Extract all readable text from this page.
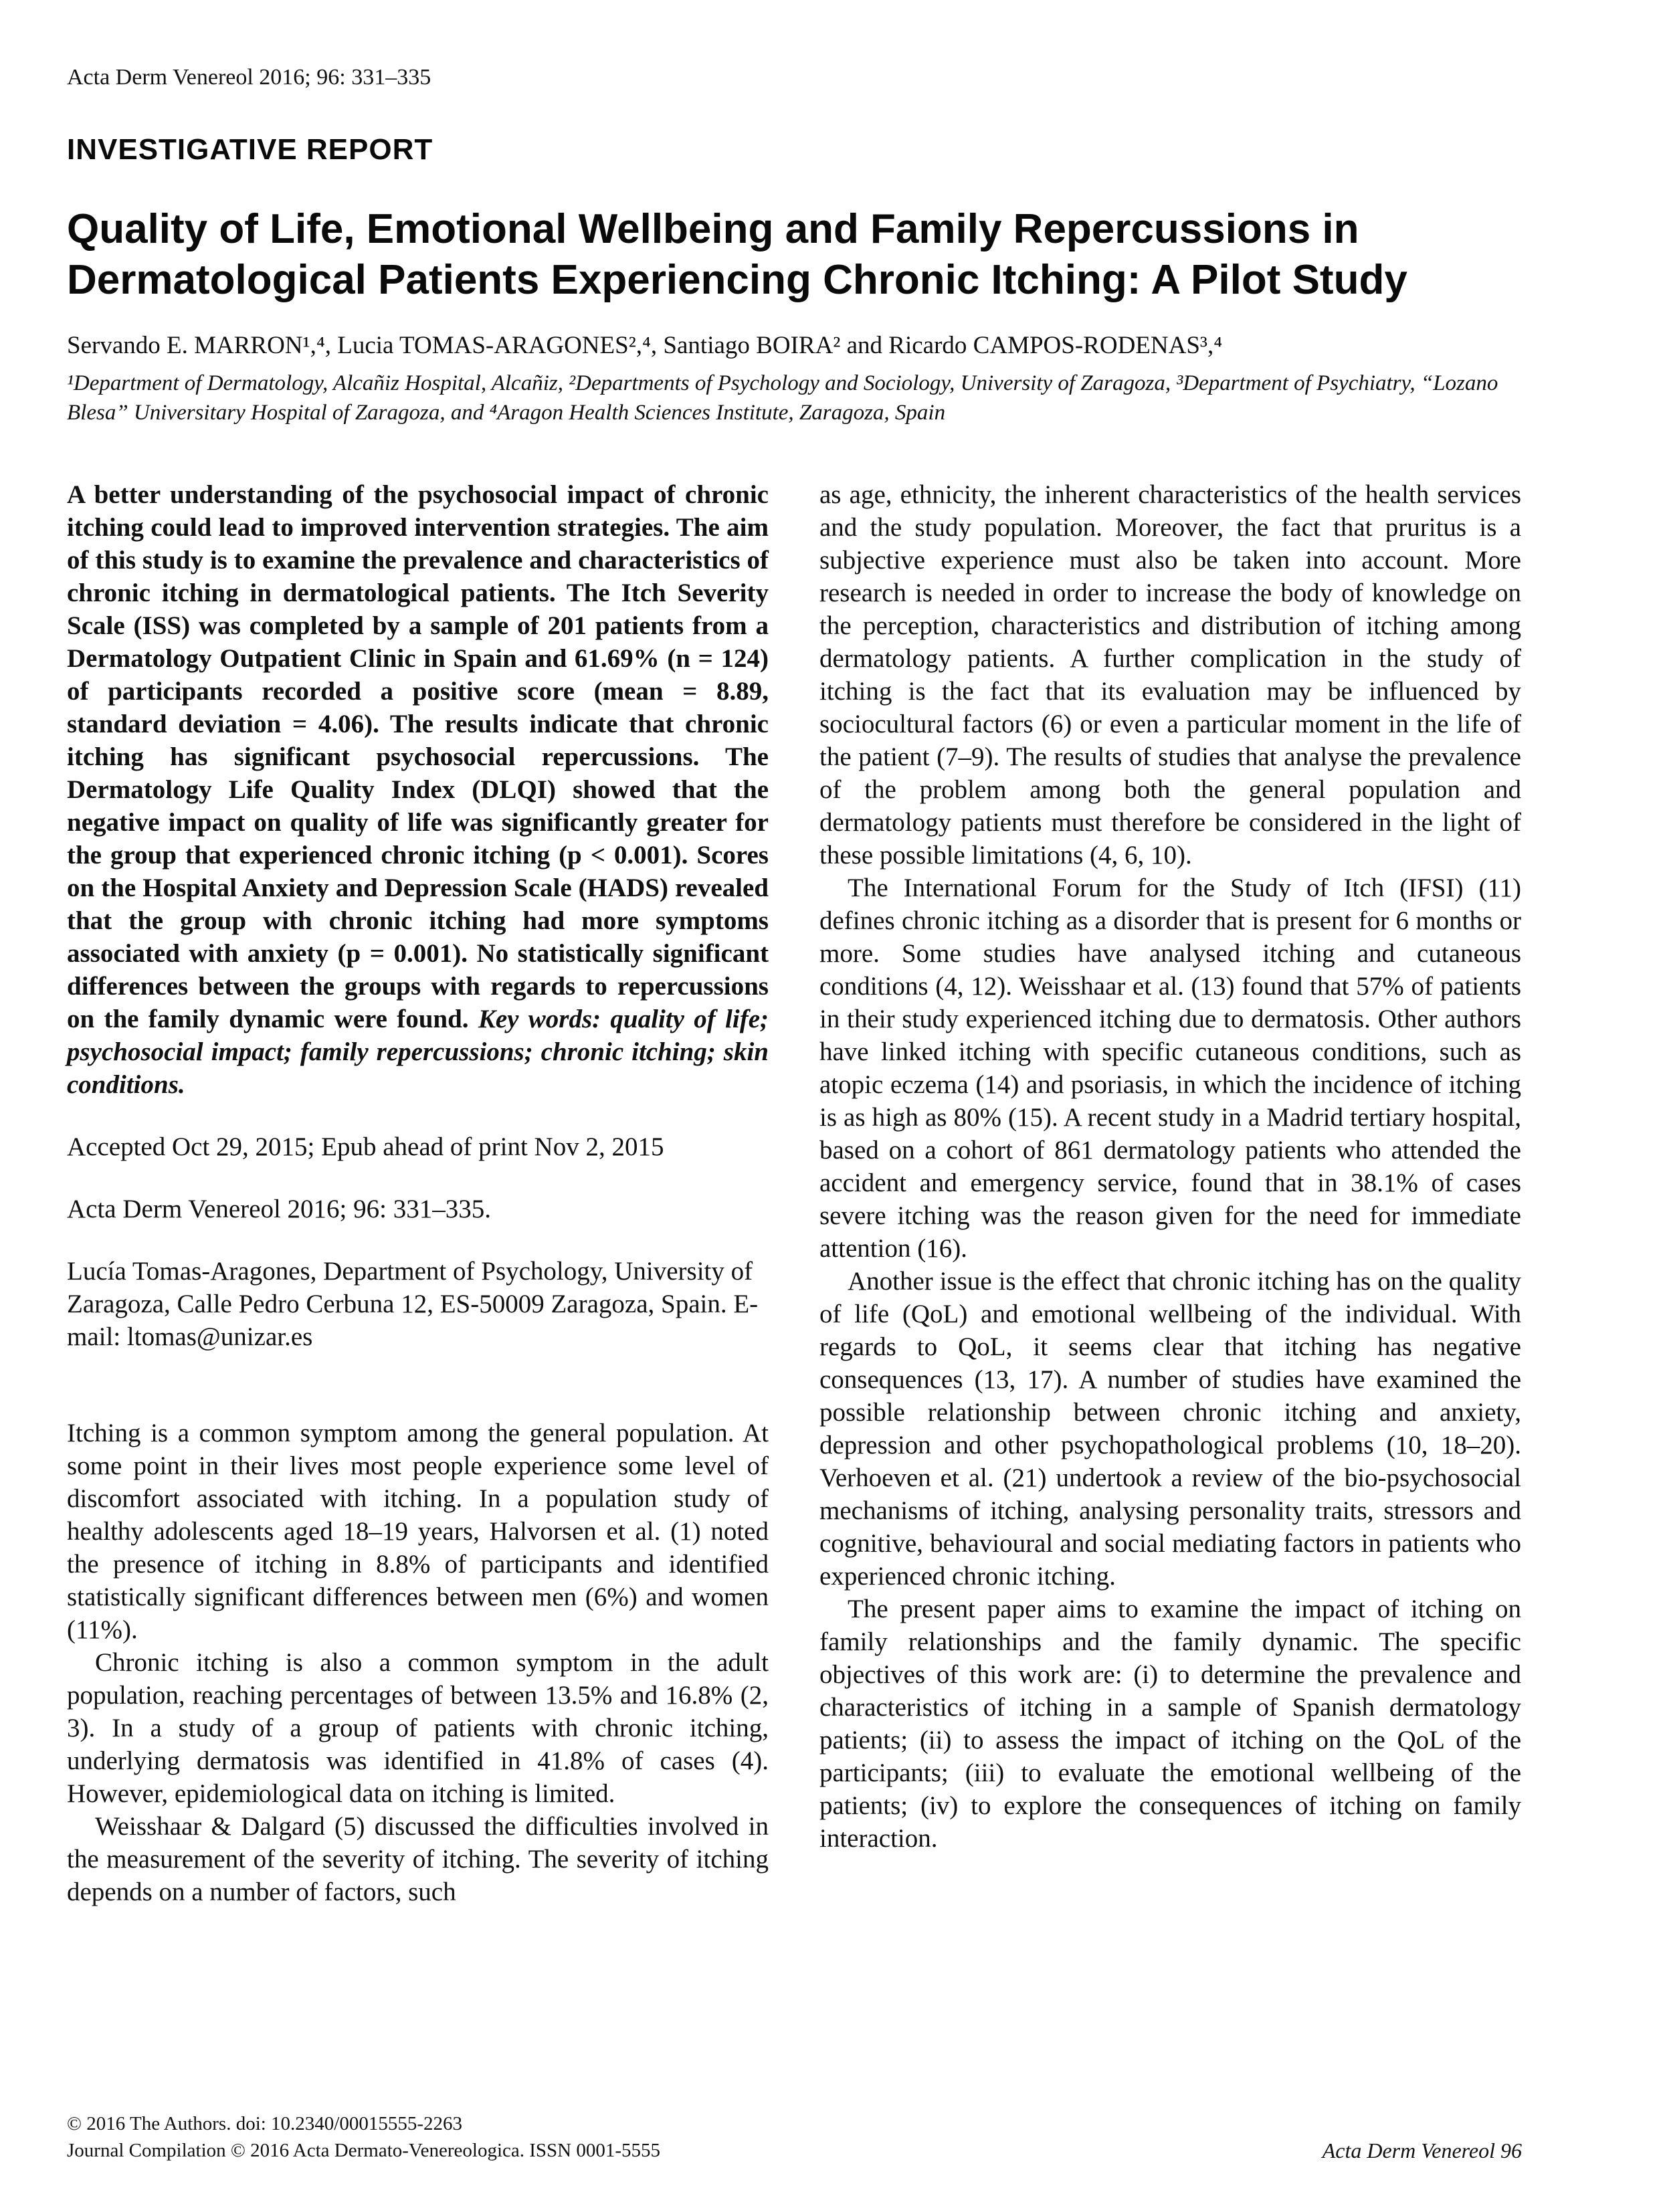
Acta Derm Venereol 2016; 96: 331–335
INVESTIGATIVE REPORT
Quality of Life, Emotional Wellbeing and Family Repercussions in Dermatological Patients Experiencing Chronic Itching: A Pilot Study
Servando E. MARRON¹,⁴, Lucia TOMAS-ARAGONES²,⁴, Santiago BOIRA² and Ricardo CAMPOS-RODENAS³,⁴
¹Department of Dermatology, Alcañiz Hospital, Alcañiz, ²Departments of Psychology and Sociology, University of Zaragoza, ³Department of Psychiatry, “Lozano Blesa” Universitary Hospital of Zaragoza, and ⁴Aragon Health Sciences Institute, Zaragoza, Spain

A better understanding of the psychosocial impact of chronic itching could lead to improved intervention strategies. The aim of this study is to examine the prevalence and characteristics of chronic itching in dermatological patients. The Itch Severity Scale (ISS) was completed by a sample of 201 patients from a Dermatology Outpatient Clinic in Spain and 61.69% (n = 124) of participants recorded a positive score (mean = 8.89, standard deviation = 4.06). The results indicate that chronic itching has significant psychosocial repercussions. The Dermatology Life Quality Index (DLQI) showed that the negative impact on quality of life was significantly greater for the group that experienced chronic itching (p < 0.001). Scores on the Hospital Anxiety and Depression Scale (HADS) revealed that the group with chronic itching had more symptoms associated with anxiety (p = 0.001). No statistically significant differences between the groups with regards to repercussions on the family dynamic were found. Key words: quality of life; psychosocial impact; family repercussions; chronic itching; skin conditions.

Accepted Oct 29, 2015; Epub ahead of print Nov 2, 2015

Acta Derm Venereol 2016; 96: 331–335.

Lucía Tomas-Aragones, Department of Psychology, University of Zaragoza, Calle Pedro Cerbuna 12, ES-50009 Zaragoza, Spain. E-mail: ltomas@unizar.es

Itching is a common symptom among the general population. At some point in their lives most people experience some level of discomfort associated with itching. In a population study of healthy adolescents aged 18–19 years, Halvorsen et al. (1) noted the presence of itching in 8.8% of participants and identified statistically significant differences between men (6%) and women (11%).

Chronic itching is also a common symptom in the adult population, reaching percentages of between 13.5% and 16.8% (2, 3). In a study of a group of patients with chronic itching, underlying dermatosis was identified in 41.8% of cases (4). However, epidemiological data on itching is limited.

Weisshaar & Dalgard (5) discussed the difficulties involved in the measurement of the severity of itching. The severity of itching depends on a number of factors, such

as age, ethnicity, the inherent characteristics of the health services and the study population. Moreover, the fact that pruritus is a subjective experience must also be taken into account. More research is needed in order to increase the body of knowledge on the perception, characteristics and distribution of itching among dermatology patients. A further complication in the study of itching is the fact that its evaluation may be influenced by sociocultural factors (6) or even a particular moment in the life of the patient (7–9). The results of studies that analyse the prevalence of the problem among both the general population and dermatology patients must therefore be considered in the light of these possible limitations (4, 6, 10).

The International Forum for the Study of Itch (IFSI) (11) defines chronic itching as a disorder that is present for 6 months or more. Some studies have analysed itching and cutaneous conditions (4, 12). Weisshaar et al. (13) found that 57% of patients in their study experienced itching due to dermatosis. Other authors have linked itching with specific cutaneous conditions, such as atopic eczema (14) and psoriasis, in which the incidence of itching is as high as 80% (15). A recent study in a Madrid tertiary hospital, based on a cohort of 861 dermatology patients who attended the accident and emergency service, found that in 38.1% of cases severe itching was the reason given for the need for immediate attention (16).

Another issue is the effect that chronic itching has on the quality of life (QoL) and emotional wellbeing of the individual. With regards to QoL, it seems clear that itching has negative consequences (13, 17). A number of studies have examined the possible relationship between chronic itching and anxiety, depression and other psychopathological problems (10, 18–20). Verhoeven et al. (21) undertook a review of the bio-psychosocial mechanisms of itching, analysing personality traits, stressors and cognitive, behavioural and social mediating factors in patients who experienced chronic itching.

The present paper aims to examine the impact of itching on family relationships and the family dynamic. The specific objectives of this work are: (i) to determine the prevalence and characteristics of itching in a sample of Spanish dermatology patients; (ii) to assess the impact of itching on the QoL of the participants; (iii) to evaluate the emotional wellbeing of the patients; (iv) to explore the consequences of itching on family interaction.

© 2016 The Authors. doi: 10.2340/00015555-2263
Journal Compilation © 2016 Acta Dermato-Venereologica. ISSN 0001-5555	Acta Derm Venereol 96
